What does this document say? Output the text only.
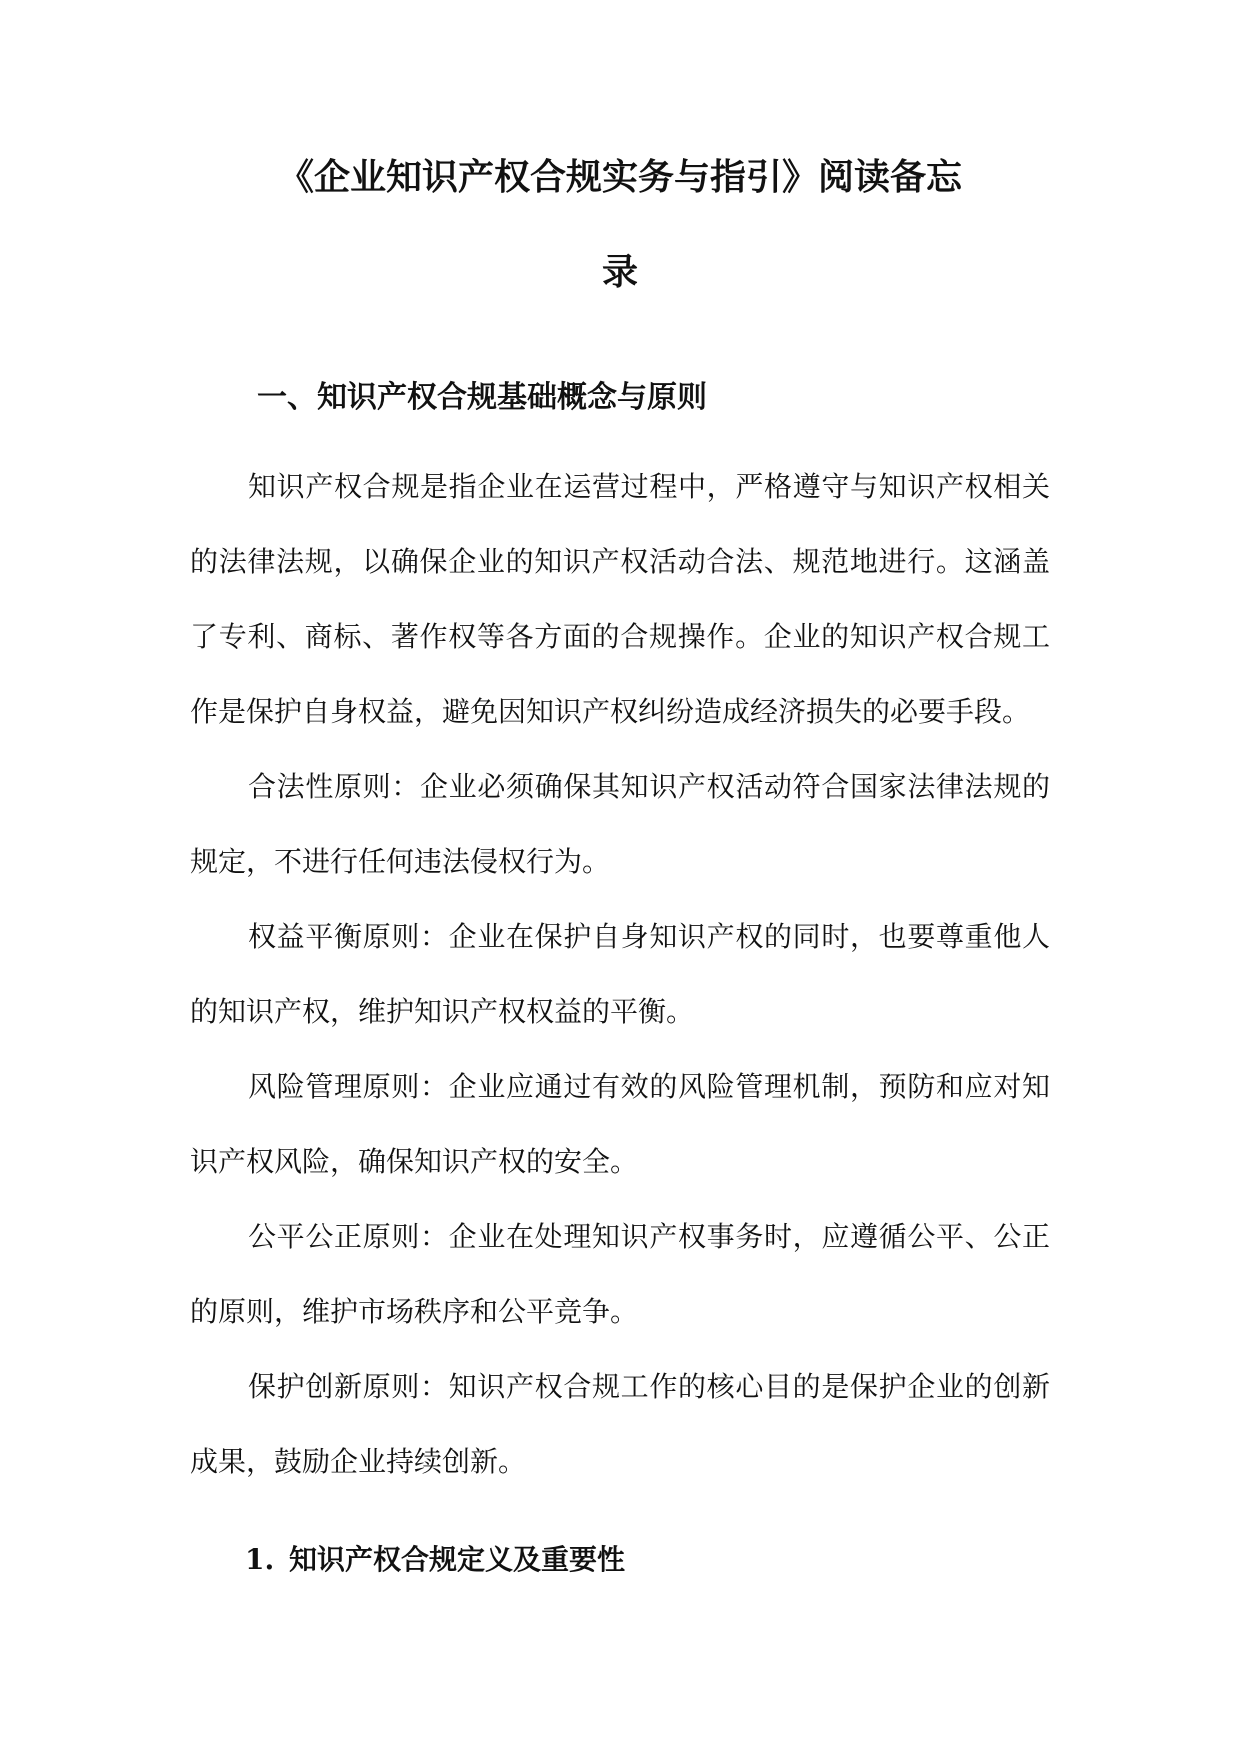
《企业知识产权合规实务与指引》阅读备忘
录
一、知识产权合规基础概念与原则

知识产权合规是指企业在运营过程中，严格遵守与知识产权相关的法律法规，以确保企业的知识产权活动合法、规范地进行。这涵盖了专利、商标、著作权等各方面的合规操作。企业的知识产权合规工作是保护自身权益，避免因知识产权纠纷造成经济损失的必要手段。

合法性原则：企业必须确保其知识产权活动符合国家法律法规的规定，不进行任何违法侵权行为。

权益平衡原则：企业在保护自身知识产权的同时，也要尊重他人的知识产权，维护知识产权权益的平衡。

风险管理原则：企业应通过有效的风险管理机制，预防和应对知识产权风险，确保知识产权的安全。

公平公正原则：企业在处理知识产权事务时，应遵循公平、公正的原则，维护市场秩序和公平竞争。

保护创新原则：知识产权合规工作的核心目的是保护企业的创新成果，鼓励企业持续创新。

1. 知识产权合规定义及重要性
